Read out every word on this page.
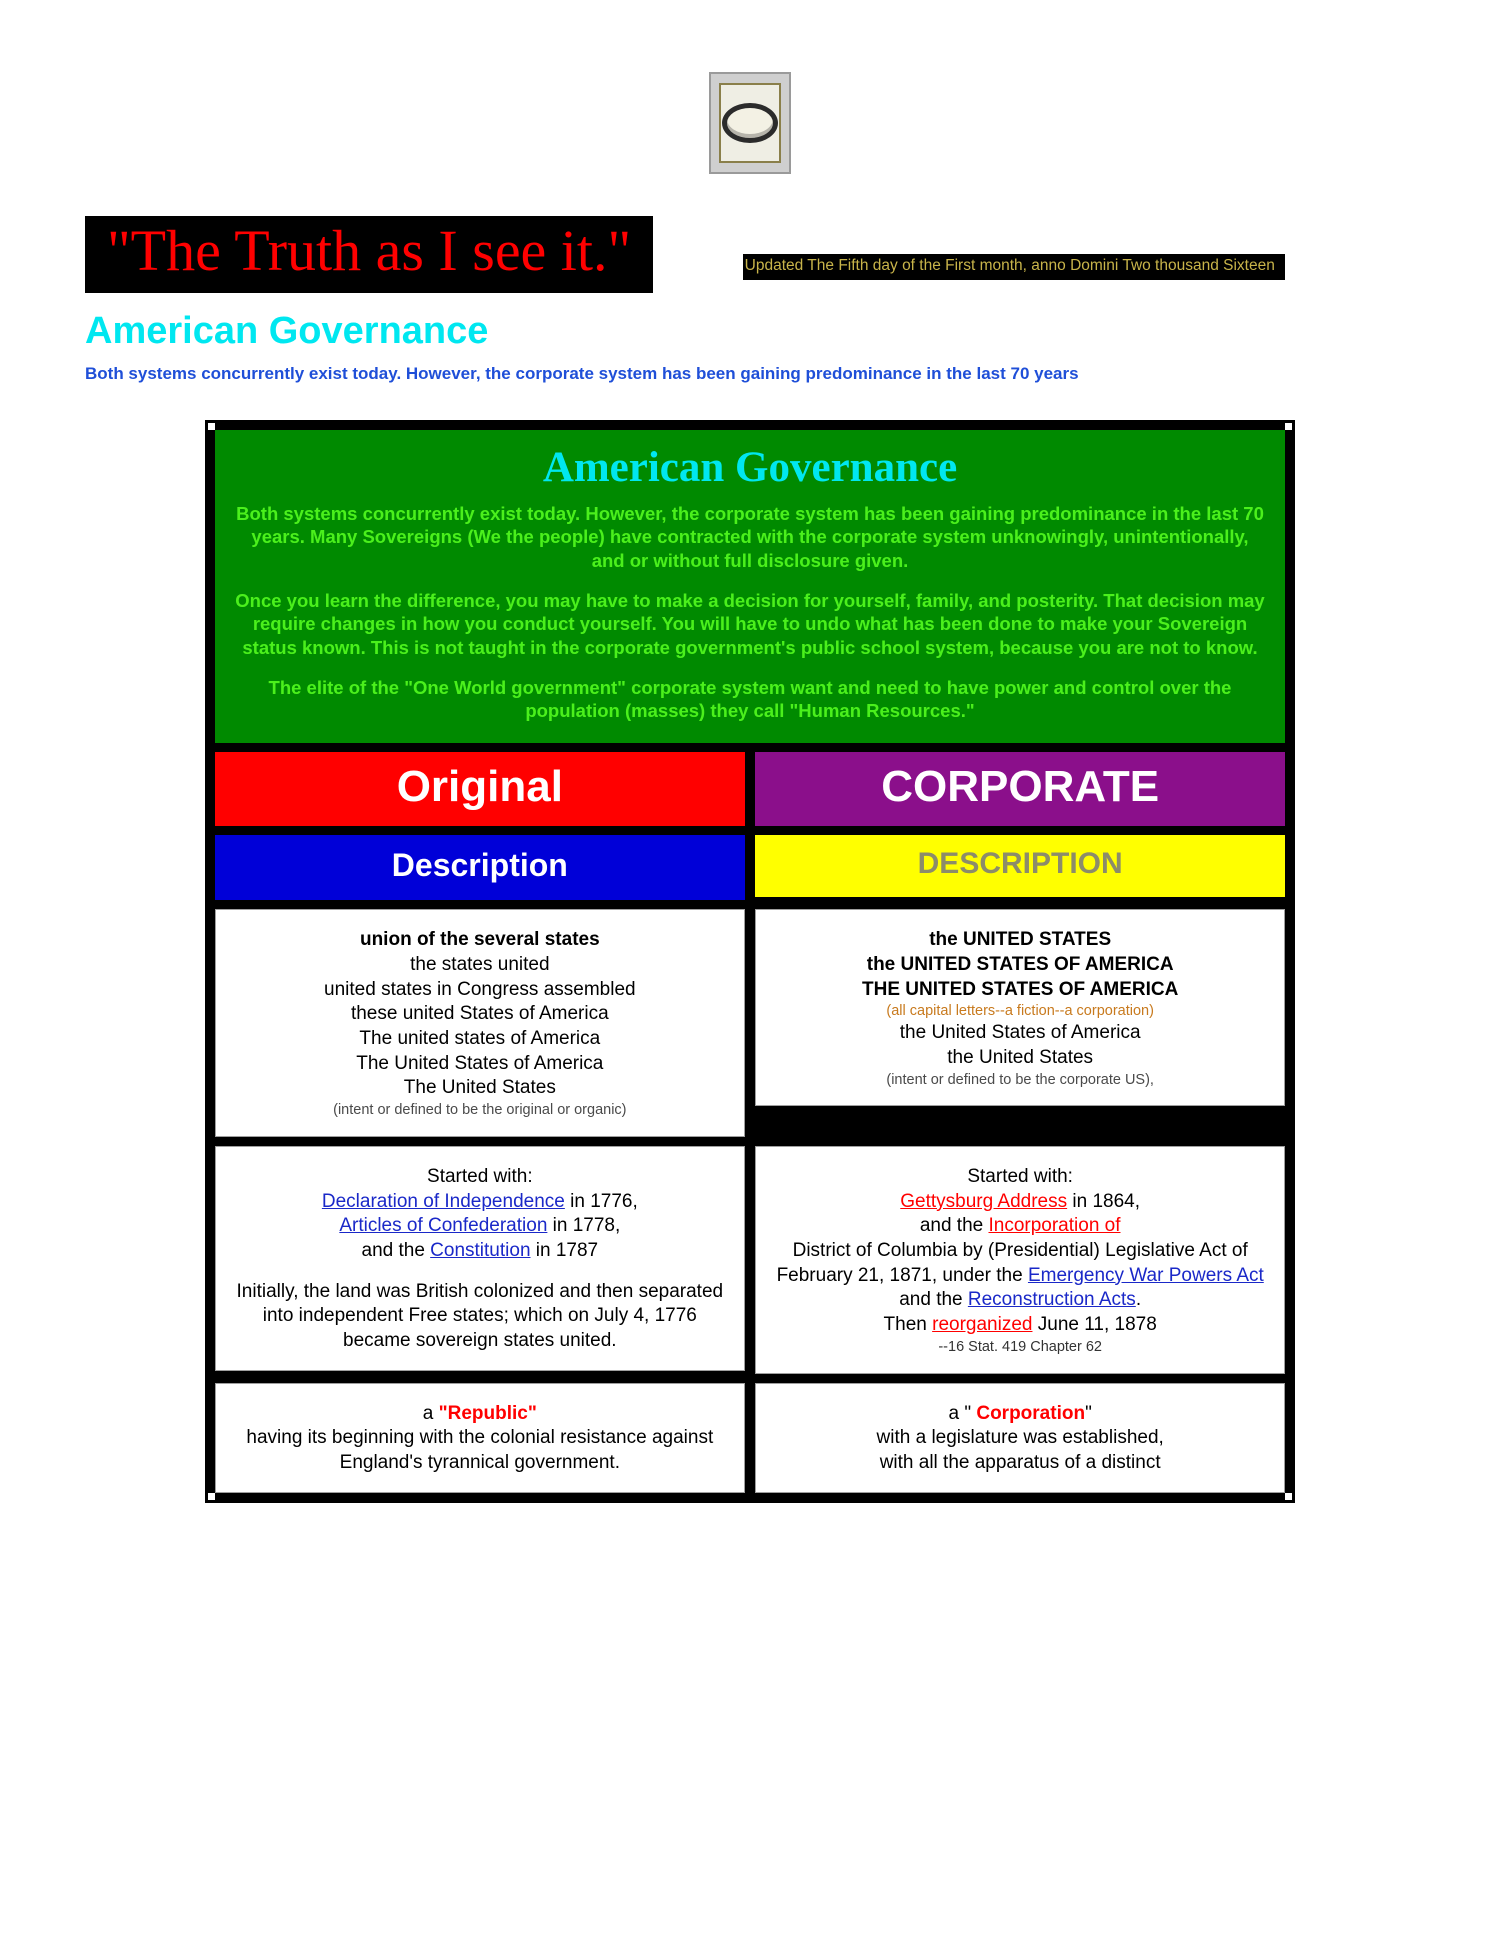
"The Truth as I see it."	Updated The Fifth day of the First month, anno Domini Two thousand Sixteen
American Governance
Both systems concurrently exist today. However, the corporate system has been gaining predominance in the last 70 years
American Governance

Both systems concurrently exist today. However, the corporate system has been gaining predominance in the last 70 years. Many Sovereigns (We the people) have contracted with the corporate system unknowingly, unintentionally, and or without full disclosure given.

Once you learn the difference, you may have to make a decision for yourself, family, and posterity. That decision may require changes in how you conduct yourself. You will have to undo what has been done to make your Sovereign status known. This is not taught in the corporate government's public school system, because you are not to know.

The elite of the "One World government" corporate system want and need to have power and control over the population (masses) they call "Human Resources."

Original		CORPORATE

Description		DESCRIPTION

union of the several states
the states united
united states in Congress assembled
these united States of America
The united states of America
The United States of America
The United States
(intent or defined to be the original or organic)

the UNITED STATES
the UNITED STATES OF AMERICA
THE UNITED STATES OF AMERICA
(all capital letters--a fiction--a corporation)
the United States of America
the United States
(intent or defined to be the corporate US),

Started with:
Declaration of Independence in 1776,
Articles of Confederation in 1778,
and the Constitution in 1787
Initially, the land was British colonized and then separated into independent Free states; which on July 4, 1776 became sovereign states united.

Started with:
Gettysburg Address in 1864,
and the Incorporation of
District of Columbia by (Presidential) Legislative Act of February 21, 1871, under the Emergency War Powers Act and the Reconstruction Acts.
Then reorganized June 11, 1878
--16 Stat. 419 Chapter 62

a "Republic"
having its beginning with the colonial resistance against England's tyrannical government.

a " Corporation"
with a legislature was established,
with all the apparatus of a distinct
